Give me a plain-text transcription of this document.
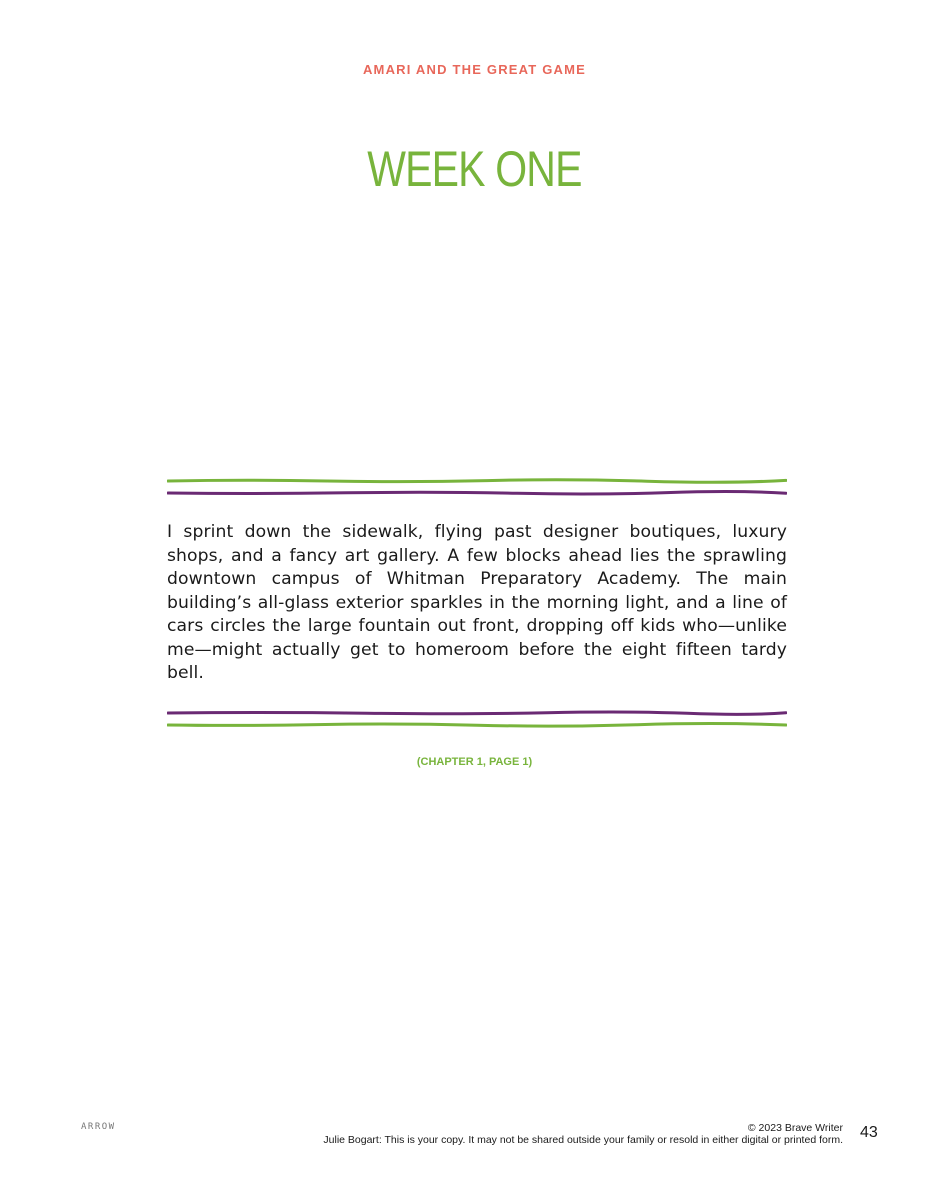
AMARI AND THE GREAT GAME
WEEK ONE
I sprint down the sidewalk, flying past designer boutiques, luxury shops, and a fancy art gallery. A few blocks ahead lies the sprawling downtown campus of Whitman Preparatory Academy. The main building’s all-glass exterior sparkles in the morning light, and a line of cars circles the large fountain out front, dropping off kids who—unlike me—might actually get to homeroom before the eight fifteen tardy bell.
(CHAPTER 1, PAGE 1)
ARROW	© 2023 Brave Writer
Julie Bogart: This is your copy. It may not be shared outside your family or resold in either digital or printed form. 43
